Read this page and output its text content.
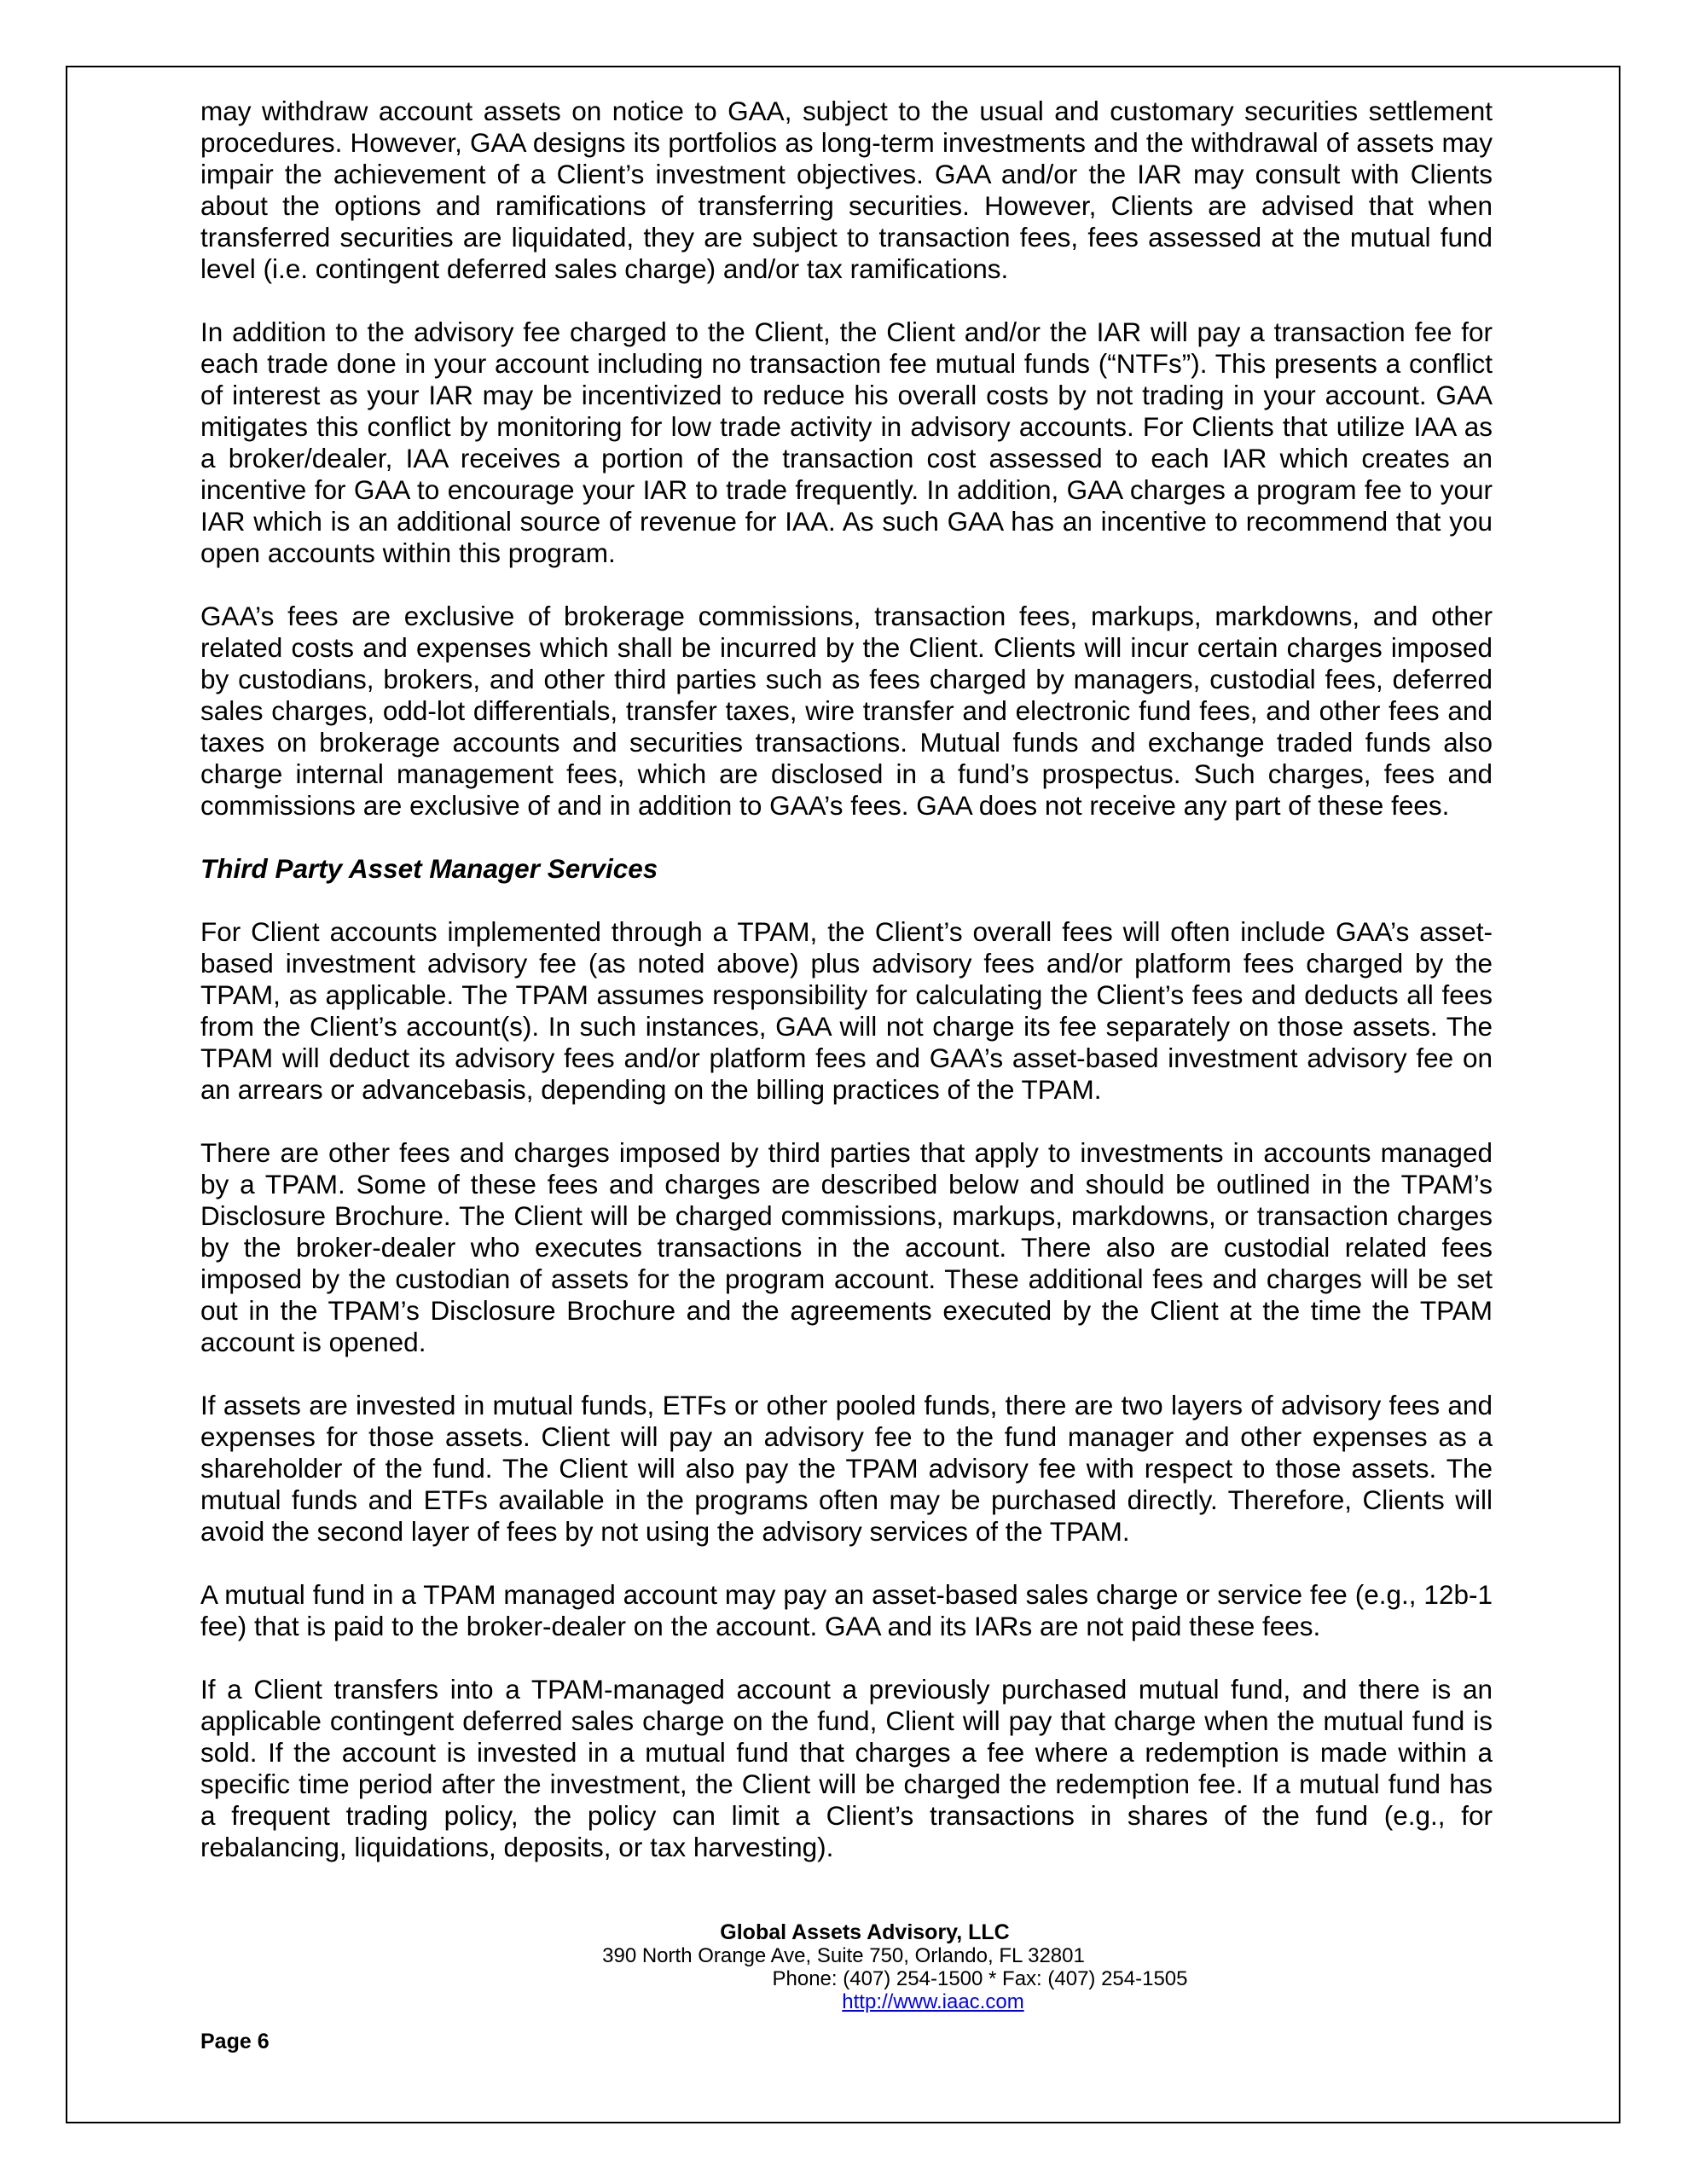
may withdraw account assets on notice to GAA, subject to the usual and customary securities settlement procedures. However, GAA designs its portfolios as long-term investments and the withdrawal of assets may impair the achievement of a Client’s investment objectives. GAA and/or the IAR may consult with Clients about the options and ramifications of transferring securities. However, Clients are advised that when transferred securities are liquidated, they are subject to transaction fees, fees assessed at the mutual fund level (i.e. contingent deferred sales charge) and/or tax ramifications.

In addition to the advisory fee charged to the Client, the Client and/or the IAR will pay a transaction fee for each trade done in your account including no transaction fee mutual funds (“NTFs”). This presents a conflict of interest as your IAR may be incentivized to reduce his overall costs by not trading in your account. GAA mitigates this conflict by monitoring for low trade activity in advisory accounts. For Clients that utilize IAA as a broker/dealer, IAA receives a portion of the transaction cost assessed to each IAR which creates an incentive for GAA to encourage your IAR to trade frequently. In addition, GAA charges a program fee to your IAR which is an additional source of revenue for IAA. As such GAA has an incentive to recommend that you open accounts within this program.

GAA’s fees are exclusive of brokerage commissions, transaction fees, markups, markdowns, and other related costs and expenses which shall be incurred by the Client. Clients will incur certain charges imposed by custodians, brokers, and other third parties such as fees charged by managers, custodial fees, deferred sales charges, odd-lot differentials, transfer taxes, wire transfer and electronic fund fees, and other fees and taxes on brokerage accounts and securities transactions. Mutual funds and exchange traded funds also charge internal management fees, which are disclosed in a fund’s prospectus. Such charges, fees and commissions are exclusive of and in addition to GAA’s fees. GAA does not receive any part of these fees.

Third Party Asset Manager Services

For Client accounts implemented through a TPAM, the Client’s overall fees will often include GAA’s asset-based investment advisory fee (as noted above) plus advisory fees and/or platform fees charged by the TPAM, as applicable. The TPAM assumes responsibility for calculating the Client’s fees and deducts all fees from the Client’s account(s). In such instances, GAA will not charge its fee separately on those assets. The TPAM will deduct its advisory fees and/or platform fees and GAA’s asset-based investment advisory fee on an arrears or advancebasis, depending on the billing practices of the TPAM.

There are other fees and charges imposed by third parties that apply to investments in accounts managed by a TPAM. Some of these fees and charges are described below and should be outlined in the TPAM’s Disclosure Brochure. The Client will be charged commissions, markups, markdowns, or transaction charges by the broker-dealer who executes transactions in the account. There also are custodial related fees imposed by the custodian of assets for the program account. These additional fees and charges will be set out in the TPAM’s Disclosure Brochure and the agreements executed by the Client at the time the TPAM account is opened.

If assets are invested in mutual funds, ETFs or other pooled funds, there are two layers of advisory fees and expenses for those assets. Client will pay an advisory fee to the fund manager and other expenses as a shareholder of the fund. The Client will also pay the TPAM advisory fee with respect to those assets. The mutual funds and ETFs available in the programs often may be purchased directly. Therefore, Clients will avoid the second layer of fees by not using the advisory services of the TPAM.

A mutual fund in a TPAM managed account may pay an asset-based sales charge or service fee (e.g., 12b-1 fee) that is paid to the broker-dealer on the account. GAA and its IARs are not paid these fees.

If a Client transfers into a TPAM-managed account a previously purchased mutual fund, and there is an applicable contingent deferred sales charge on the fund, Client will pay that charge when the mutual fund is sold. If the account is invested in a mutual fund that charges a fee where a redemption is made within a specific time period after the investment, the Client will be charged the redemption fee. If a mutual fund has a frequent trading policy, the policy can limit a Client’s transactions in shares of the fund (e.g., for rebalancing, liquidations, deposits, or tax harvesting).

Global Assets Advisory, LLC
390 North Orange Ave, Suite 750, Orlando, FL 32801
Phone: (407) 254-1500 * Fax: (407) 254-1505
http://www.iaac.com
Page 6
